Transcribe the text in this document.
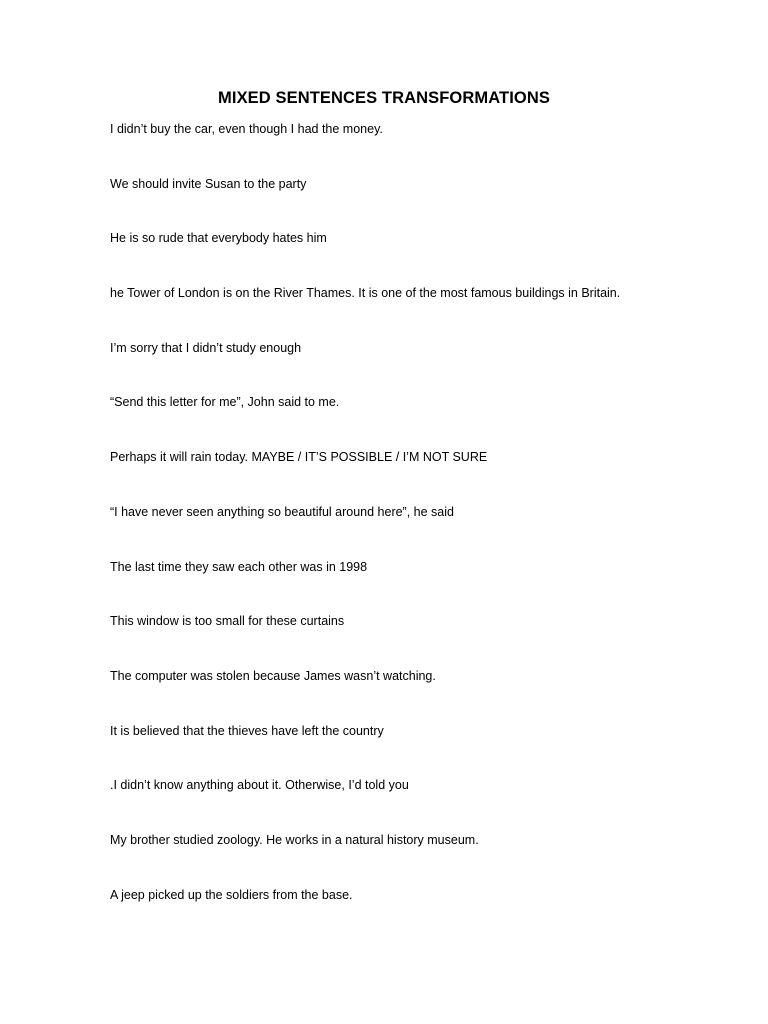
MIXED SENTENCES TRANSFORMATIONS
I didn’t buy the car, even though I had the money.
We should invite Susan to the party
He is so rude that everybody hates him
he Tower of London is on the River Thames. It is one of the most famous buildings in Britain.
I’m sorry that I didn’t study enough
“Send this letter for me”, John said to me.
Perhaps it will rain today. MAYBE / IT’S POSSIBLE / I’M NOT SURE
“I have never seen anything so beautiful around here”, he said
The last time they saw each other was in 1998
This window is too small for these curtains
The computer was stolen because James wasn’t watching.
It is believed that the thieves have left the country
.I didn’t know anything about it. Otherwise, I’d told you
My brother studied zoology. He works in a natural history museum.
A jeep picked up the soldiers from the base.
